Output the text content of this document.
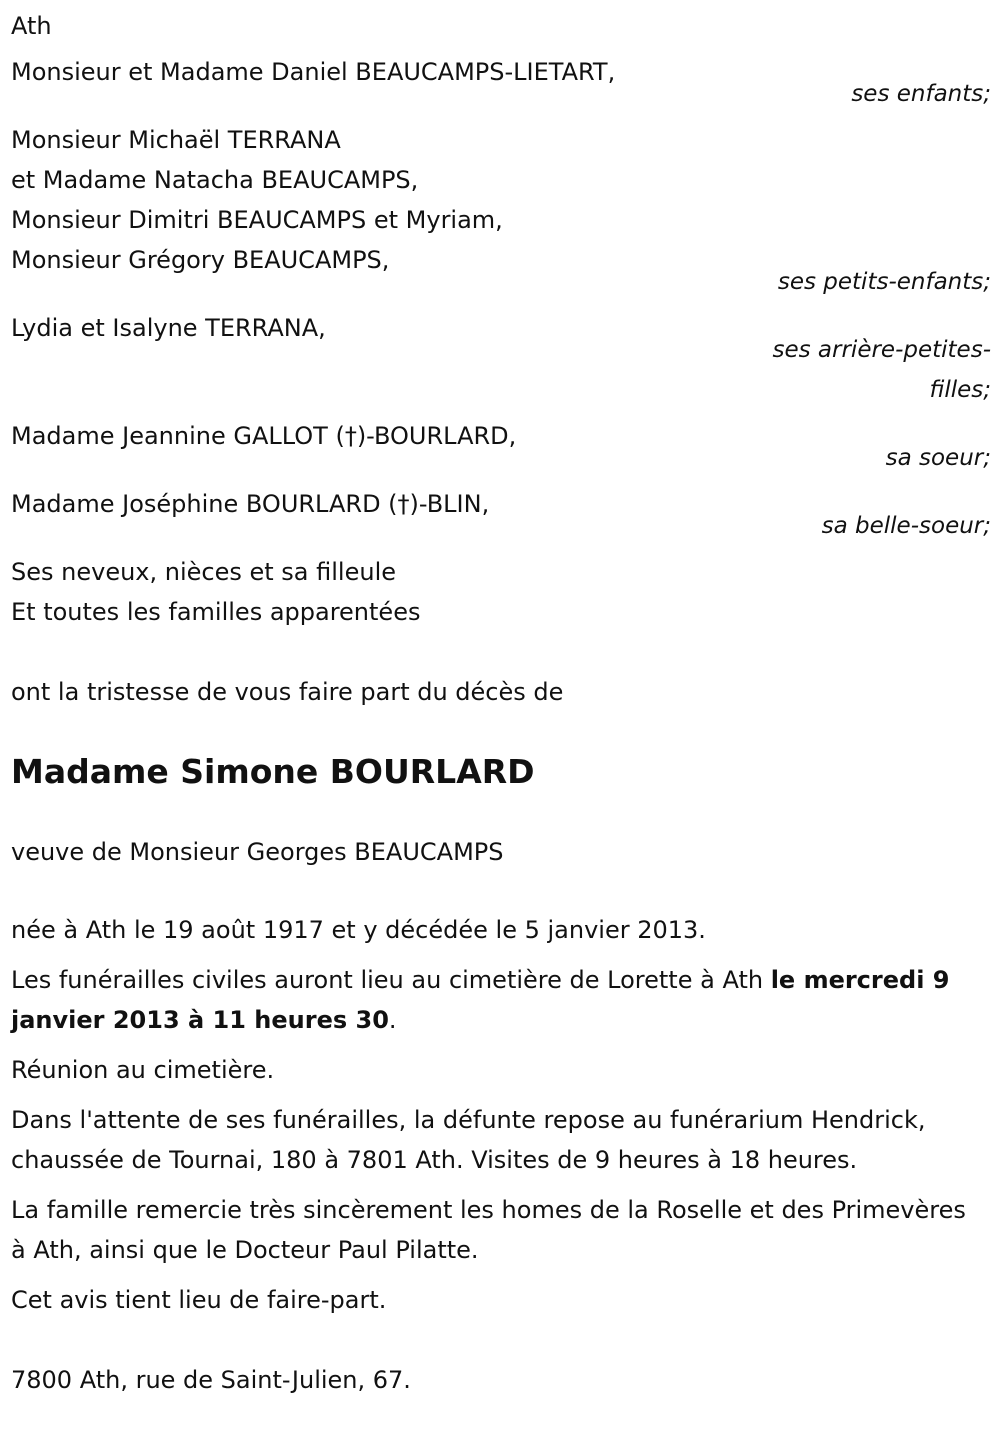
Ath
Monsieur et Madame Daniel BEAUCAMPS-LIETART,
ses enfants;
Monsieur Michaël TERRANA
et Madame Natacha BEAUCAMPS,
Monsieur Dimitri BEAUCAMPS et Myriam,
Monsieur Grégory BEAUCAMPS,
ses petits-enfants;
Lydia et Isalyne TERRANA,
ses arrière-petites-filles;
Madame Jeannine GALLOT (†)-BOURLARD,
sa soeur;
Madame Joséphine BOURLARD (†)-BLIN,
sa belle-soeur;
Ses neveux, nièces et sa filleule
Et toutes les familles apparentées
ont la tristesse de vous faire part du décès de
Madame Simone BOURLARD
veuve de Monsieur Georges BEAUCAMPS
née à Ath le 19 août 1917 et y décédée le 5 janvier 2013.
Les funérailles civiles auront lieu au cimetière de Lorette à Ath le mercredi 9 janvier 2013 à 11 heures 30.
Réunion au cimetière.
Dans l'attente de ses funérailles, la défunte repose au funérarium Hendrick, chaussée de Tournai, 180 à 7801 Ath. Visites de 9 heures à 18 heures.
La famille remercie très sincèrement les homes de la Roselle et des Primevères à Ath, ainsi que le Docteur Paul Pilatte.
Cet avis tient lieu de faire-part.
7800 Ath, rue de Saint-Julien, 67.
